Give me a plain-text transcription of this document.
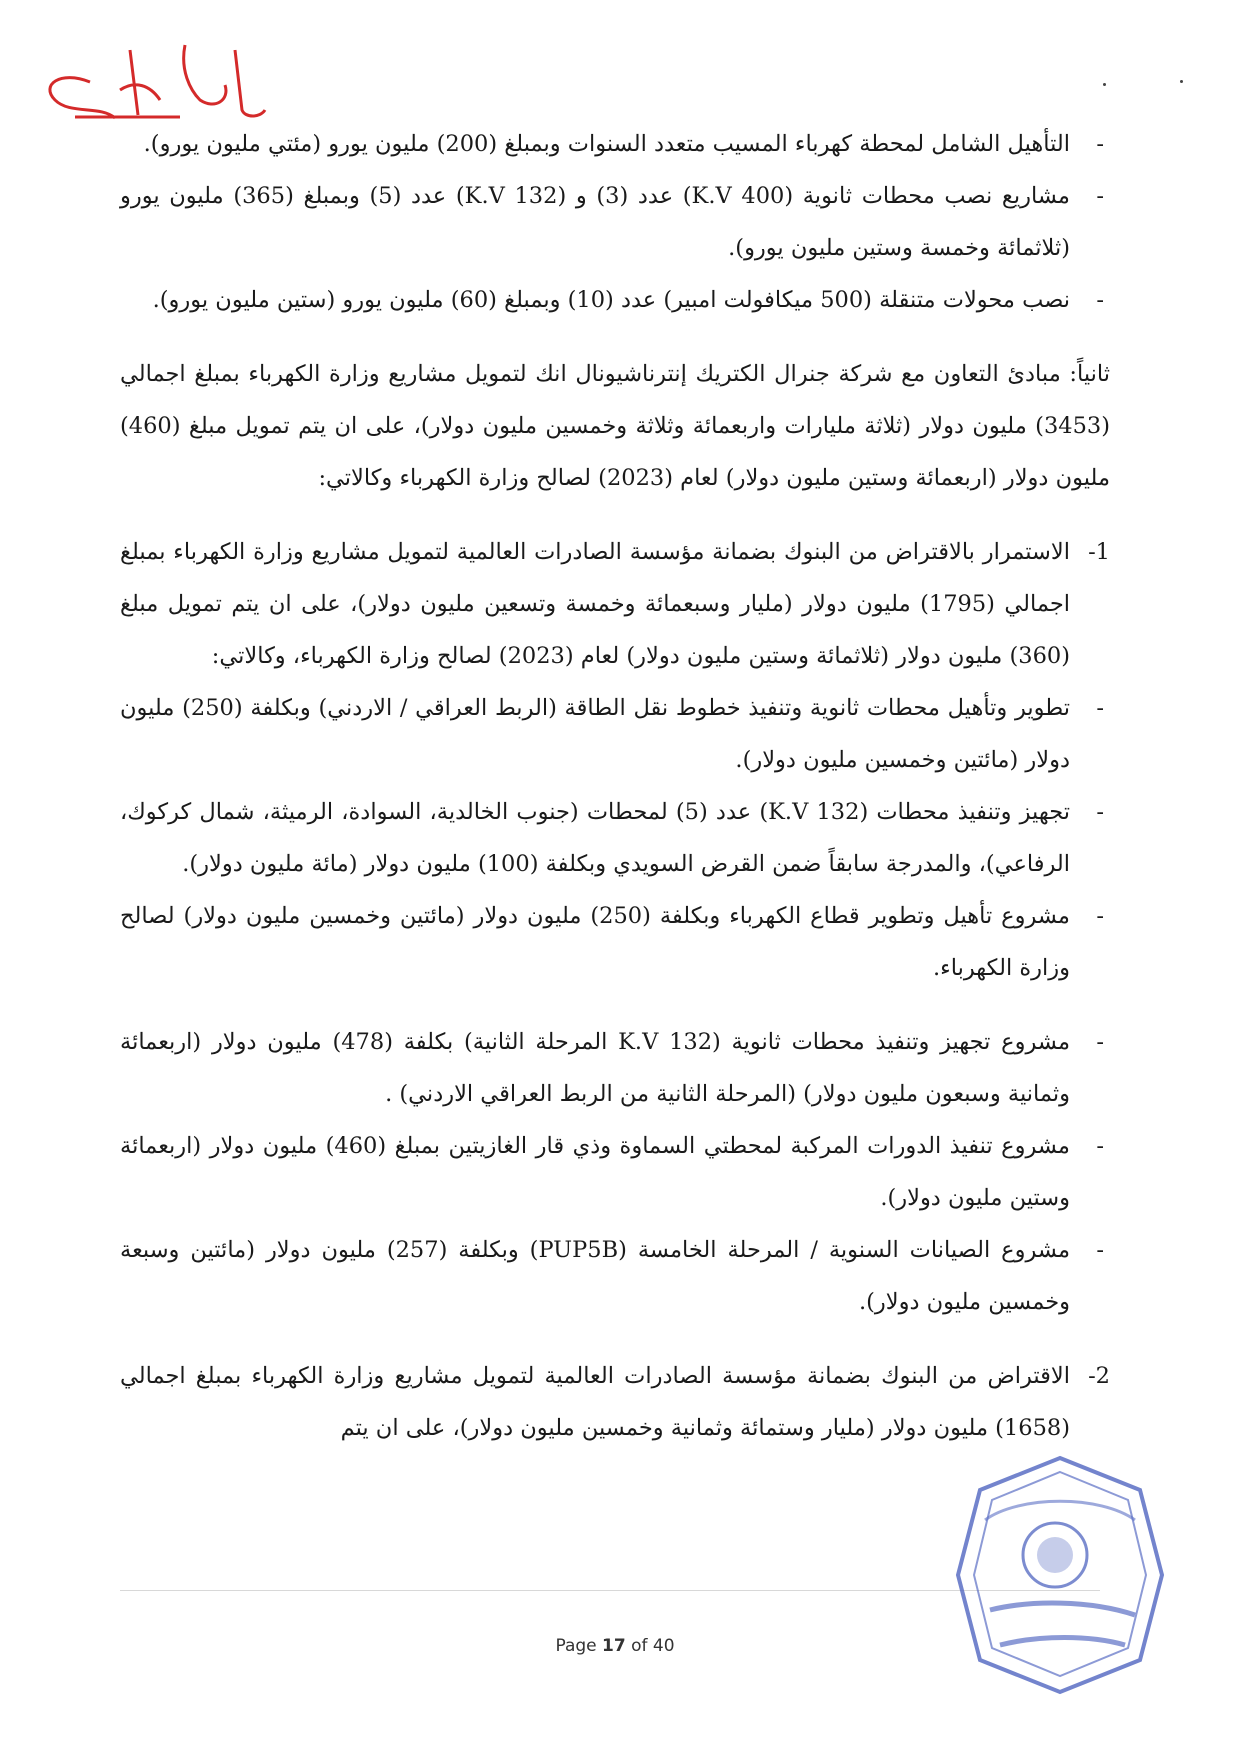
-
التأهيل الشامل لمحطة كهرباء المسيب متعدد السنوات وبمبلغ (200) مليون يورو (مئتي مليون يورو).

-
مشاريع نصب محطات ثانوية (K.V 400) عدد (3) و (K.V 132) عدد (5) وبمبلغ (365) مليون يورو (ثلاثمائة وخمسة وستين مليون يورو).

-
نصب محولات متنقلة (500 ميكافولت امبير) عدد (10) وبمبلغ (60) مليون يورو (ستين مليون يورو).

ثانياً: مبادئ التعاون مع شركة جنرال الكتريك إنترناشيونال انك لتمويل مشاريع وزارة الكهرباء بمبلغ اجمالي (3453) مليون دولار (ثلاثة مليارات واربعمائة وثلاثة وخمسين مليون دولار)، على ان يتم تمويل مبلغ (460) مليون دولار (اربعمائة وستين مليون دولار) لعام (2023) لصالح وزارة الكهرباء وكالاتي:

1-
الاستمرار بالاقتراض من البنوك بضمانة مؤسسة الصادرات العالمية لتمويل مشاريع وزارة الكهرباء بمبلغ اجمالي (1795) مليون دولار (مليار وسبعمائة وخمسة وتسعين مليون دولار)، على ان يتم تمويل مبلغ (360) مليون دولار (ثلاثمائة وستين مليون دولار) لعام (2023) لصالح وزارة الكهرباء، وكالاتي:

-
تطوير وتأهيل محطات ثانوية وتنفيذ خطوط نقل الطاقة (الربط العراقي / الاردني) وبكلفة (250) مليون دولار (مائتين وخمسين مليون دولار).

-
تجهيز وتنفيذ محطات (K.V 132) عدد (5) لمحطات (جنوب الخالدية، السوادة، الرميثة، شمال كركوك، الرفاعي)، والمدرجة سابقاً ضمن القرض السويدي وبكلفة (100) مليون دولار (مائة مليون دولار).

-
مشروع تأهيل وتطوير قطاع الكهرباء وبكلفة (250) مليون دولار (مائتين وخمسين مليون دولار) لصالح وزارة الكهرباء.

-
مشروع تجهيز وتنفيذ محطات ثانوية (K.V 132 المرحلة الثانية) بكلفة (478) مليون دولار (اربعمائة وثمانية وسبعون مليون دولار) (المرحلة الثانية من الربط العراقي الاردني) .

-
مشروع تنفيذ الدورات المركبة لمحطتي السماوة وذي قار الغازيتين بمبلغ (460) مليون دولار (اربعمائة وستين مليون دولار).

-
مشروع الصيانات السنوية / المرحلة الخامسة (PUP5B) وبكلفة (257) مليون دولار (مائتين وسبعة وخمسين مليون دولار).

2-
الاقتراض من البنوك بضمانة مؤسسة الصادرات العالمية لتمويل مشاريع وزارة الكهرباء بمبلغ اجمالي (1658) مليون دولار (مليار وستمائة وثمانية وخمسين مليون دولار)، على ان يتم

Page 17 of 40
